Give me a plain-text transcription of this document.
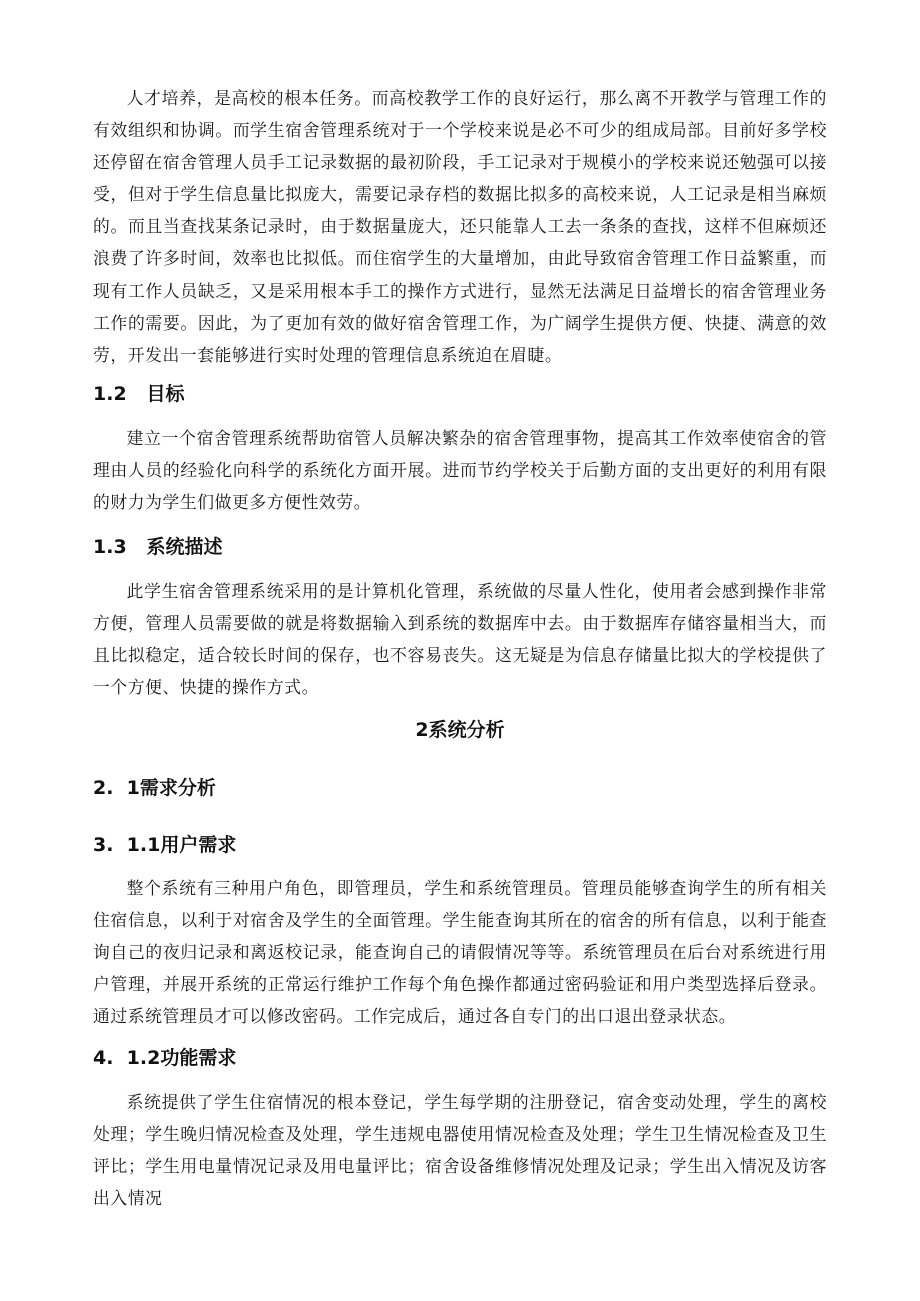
人才培养，是高校的根本任务。而高校教学工作的良好运行，那么离不开教学与管理工作的有效组织和协调。而学生宿舍管理系统对于一个学校来说是必不可少的组成局部。目前好多学校还停留在宿舍管理人员手工记录数据的最初阶段，手工记录对于规模小的学校来说还勉强可以接受，但对于学生信息量比拟庞大，需要记录存档的数据比拟多的高校来说，人工记录是相当麻烦的。而且当查找某条记录时，由于数据量庞大，还只能靠人工去一条条的查找，这样不但麻烦还浪费了许多时间，效率也比拟低。而住宿学生的大量增加，由此导致宿舍管理工作日益繁重，而现有工作人员缺乏，又是采用根本手工的操作方式进行，显然无法满足日益增长的宿舍管理业务工作的需要。因此，为了更加有效的做好宿舍管理工作，为广阔学生提供方便、快捷、满意的效劳，开发出一套能够进行实时处理的管理信息系统迫在眉睫。

1.2   目标

建立一个宿舍管理系统帮助宿管人员解决繁杂的宿舍管理事物，提高其工作效率使宿舍的管理由人员的经验化向科学的系统化方面开展。进而节约学校关于后勤方面的支出更好的利用有限的财力为学生们做更多方便性效劳。

1.3   系统描述

此学生宿舍管理系统采用的是计算机化管理，系统做的尽量人性化，使用者会感到操作非常方便，管理人员需要做的就是将数据输入到系统的数据库中去。由于数据库存储容量相当大，而且比拟稳定，适合较长时间的保存，也不容易丧失。这无疑是为信息存储量比拟大的学校提供了一个方便、快捷的操作方式。

2系统分析
2.  1需求分析
3.  1.1用户需求

整个系统有三种用户角色，即管理员，学生和系统管理员。管理员能够查询学生的所有相关住宿信息，以利于对宿舍及学生的全面管理。学生能查询其所在的宿舍的所有信息，以利于能查询自己的夜归记录和离返校记录，能查询自己的请假情况等等。系统管理员在后台对系统进行用户管理，并展开系统的正常运行维护工作每个角色操作都通过密码验证和用户类型选择后登录。通过系统管理员才可以修改密码。工作完成后，通过各自专门的出口退出登录状态。

4.  1.2功能需求

系统提供了学生住宿情况的根本登记，学生每学期的注册登记，宿舍变动处理，学生的离校处理；学生晚归情况检查及处理，学生违规电器使用情况检查及处理；学生卫生情况检查及卫生评比；学生用电量情况记录及用电量评比；宿舍设备维修情况处理及记录；学生出入情况及访客出入情况
